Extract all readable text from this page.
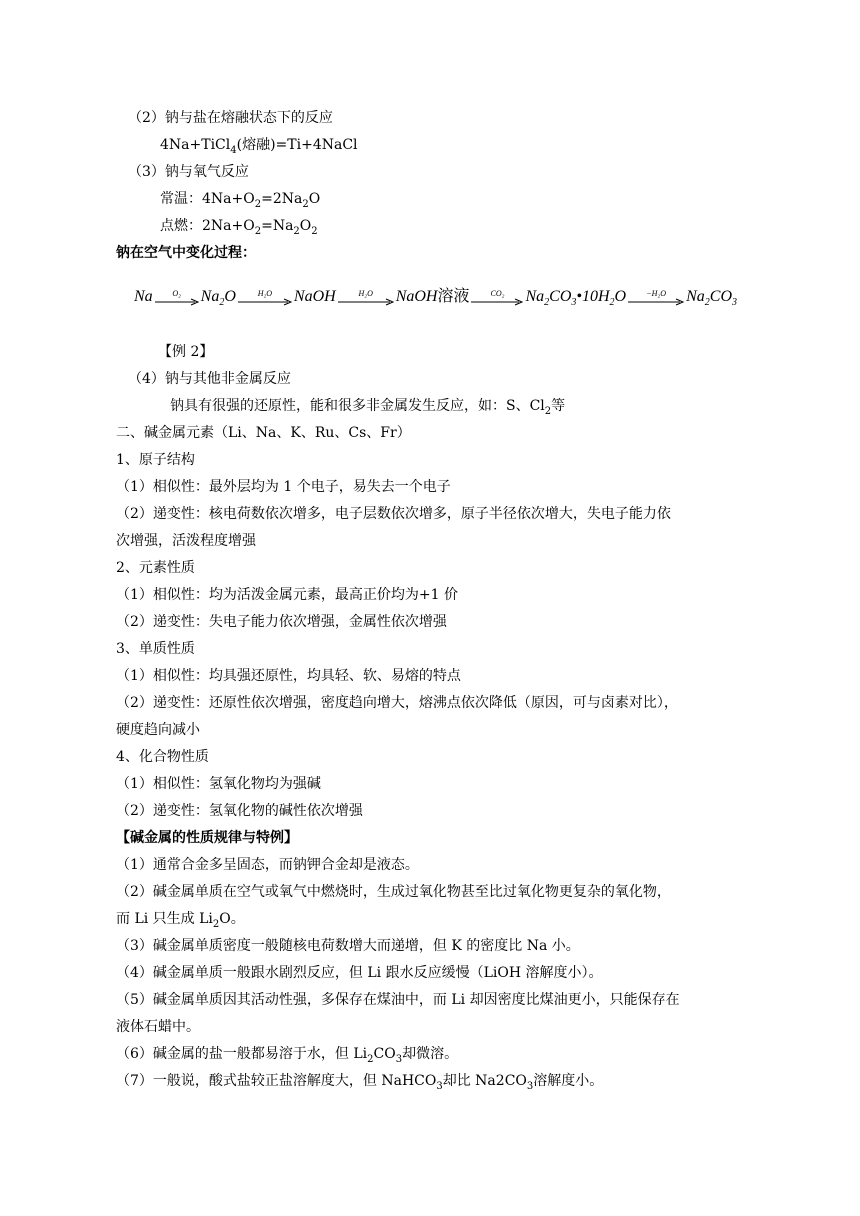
（2）钠与盐在熔融状态下的反应
4Na+TiCl$_4$(熔融)=Ti+4NaCl
（3）钠与氧气反应
常温：$4Na+O_2=2Na_2O$
点燃：$2Na+O_2=Na_2O_2$
钠在空气中变化过程：
Na O₂ $Na_2O$	H₂O NaOH	H₂O NaOH溶液	CO₂ $Na_2CO_3•10H_2O$	−H₂O $Na_2CO_3$
【例 2】
（4）钠与其他非金属反应
钠具有很强的还原性，能和很多非金属发生反应，如：S、$Cl_2$等
二、碱金属元素（Li、Na、K、Ru、Cs、Fr）
1、原子结构
（1）相似性：最外层均为 1 个电子，易失去一个电子
（2）递变性：核电荷数依次增多，电子层数依次增多，原子半径依次增大，失电子能力依
次增强，活泼程度增强
2、元素性质
（1）相似性：均为活泼金属元素，最高正价均为+1 价
（2）递变性：失电子能力依次增强，金属性依次增强
3、单质性质
（1）相似性：均具强还原性，均具轻、软、易熔的特点
（2）递变性：还原性依次增强，密度趋向增大，熔沸点依次降低（原因，可与卤素对比），
硬度趋向减小
4、化合物性质
（1）相似性：氢氧化物均为强碱
（2）递变性：氢氧化物的碱性依次增强
【碱金属的性质规律与特例】
（1）通常合金多呈固态，而钠钾合金却是液态。
（2）碱金属单质在空气或氧气中燃烧时，生成过氧化物甚至比过氧化物更复杂的氧化物，
而 Li 只生成 $Li_2O$。
（3）碱金属单质密度一般随核电荷数增大而递增，但 K 的密度比 Na 小。
（4）碱金属单质一般跟水剧烈反应，但 Li 跟水反应缓慢（LiOH 溶解度小）。
（5）碱金属单质因其活动性强，多保存在煤油中，而 Li 却因密度比煤油更小，只能保存在
液体石蜡中。
（6）碱金属的盐一般都易溶于水，但 $Li_2CO_3$却微溶。
（7）一般说，酸式盐较正盐溶解度大，但 NaHCO$_3$却比 $Na2CO_3$溶解度小。
